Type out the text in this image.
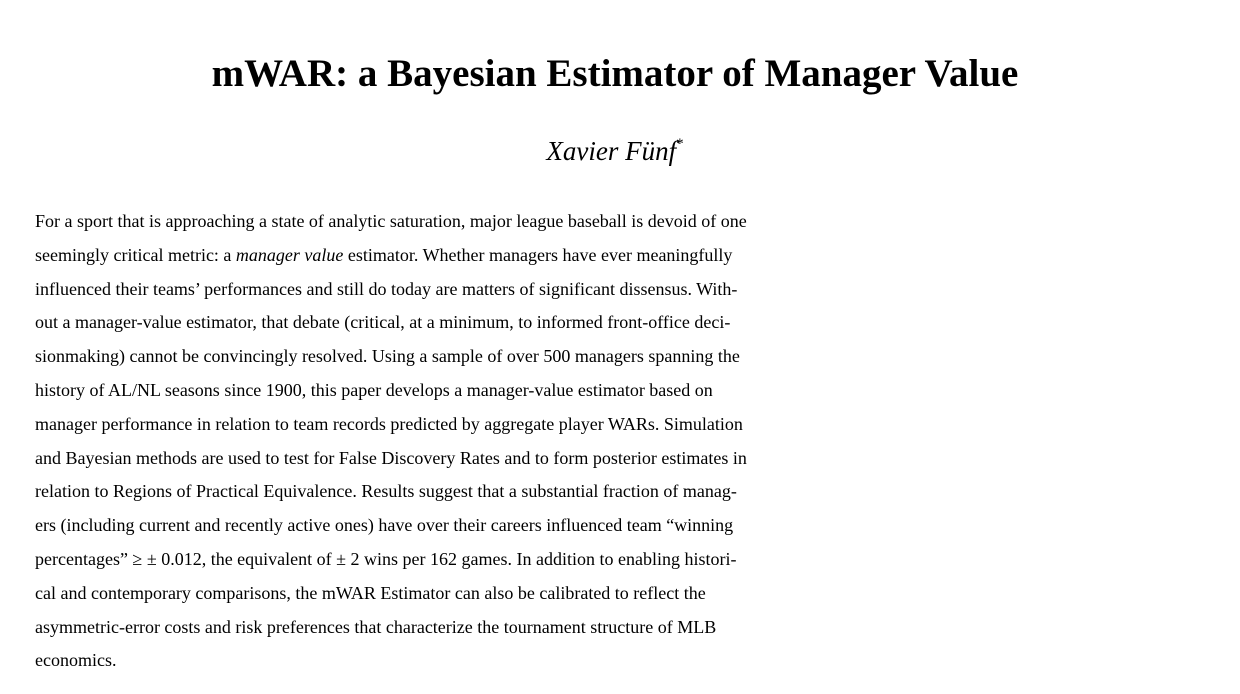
mWAR: a Bayesian Estimator of Manager Value
Xavier Fünf*
For a sport that is approaching a state of analytic saturation, major league baseball is devoid of one
seemingly critical metric: a manager value estimator. Whether managers have ever meaningfully
influenced their teams’ performances and still do today are matters of significant dissensus. With-
out a manager-value estimator, that debate (critical, at a minimum, to informed front-office deci-
sionmaking) cannot be convincingly resolved. Using a sample of over 500 managers spanning the
history of AL/NL seasons since 1900, this paper develops a manager-value estimator based on
manager performance in relation to team records predicted by aggregate player WARs. Simulation
and Bayesian methods are used to test for False Discovery Rates and to form posterior estimates in
relation to Regions of Practical Equivalence. Results suggest that a substantial fraction of manag-
ers (including current and recently active ones) have over their careers influenced team “winning
percentages” ≥ ± 0.012, the equivalent of ± 2 wins per 162 games. In addition to enabling histori-
cal and contemporary comparisons, the mWAR Estimator can also be calibrated to reflect the
asymmetric-error costs and risk preferences that characterize the tournament structure of MLB
economics.
